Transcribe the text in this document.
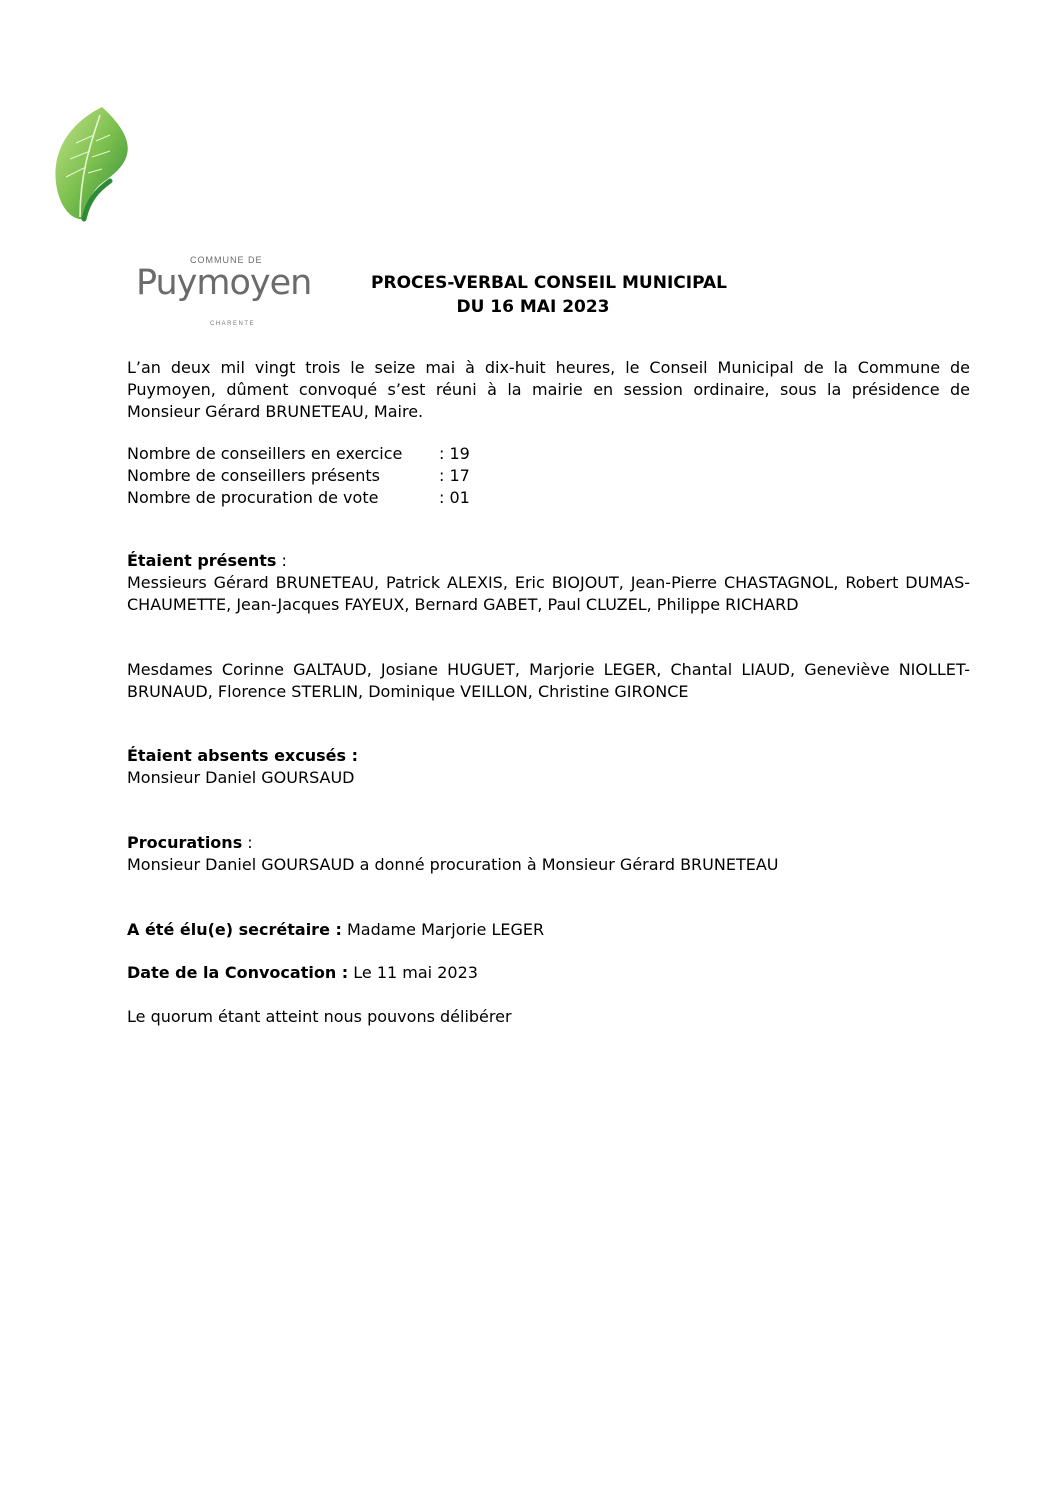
COMMUNE DE
Puymoyen
CHARENTE
PROCES-VERBAL CONSEIL MUNICIPAL
DU 16 MAI 2023
L’an deux mil vingt trois le seize mai à dix-huit heures, le Conseil Municipal de la Commune de Puymoyen, dûment convoqué s’est réuni à la mairie en session ordinaire, sous la présidence de Monsieur Gérard BRUNETEAU, Maire.
Nombre de conseillers en exercice	: 19
Nombre de conseillers présents	: 17
Nombre de procuration de vote	: 01
Étaient présents :
Messieurs Gérard BRUNETEAU, Patrick ALEXIS, Eric BIOJOUT, Jean-Pierre CHASTAGNOL, Robert DUMAS-CHAUMETTE, Jean-Jacques FAYEUX, Bernard GABET, Paul CLUZEL, Philippe RICHARD
Mesdames Corinne GALTAUD, Josiane HUGUET, Marjorie LEGER, Chantal LIAUD, Geneviève NIOLLET-BRUNAUD, Florence STERLIN, Dominique VEILLON, Christine GIRONCE
Étaient absents excusés :
Monsieur Daniel GOURSAUD
Procurations :
Monsieur Daniel GOURSAUD a donné procuration à Monsieur Gérard BRUNETEAU
A été élu(e) secrétaire : Madame Marjorie LEGER
Date de la Convocation : Le 11 mai 2023
Le quorum étant atteint nous pouvons délibérer
